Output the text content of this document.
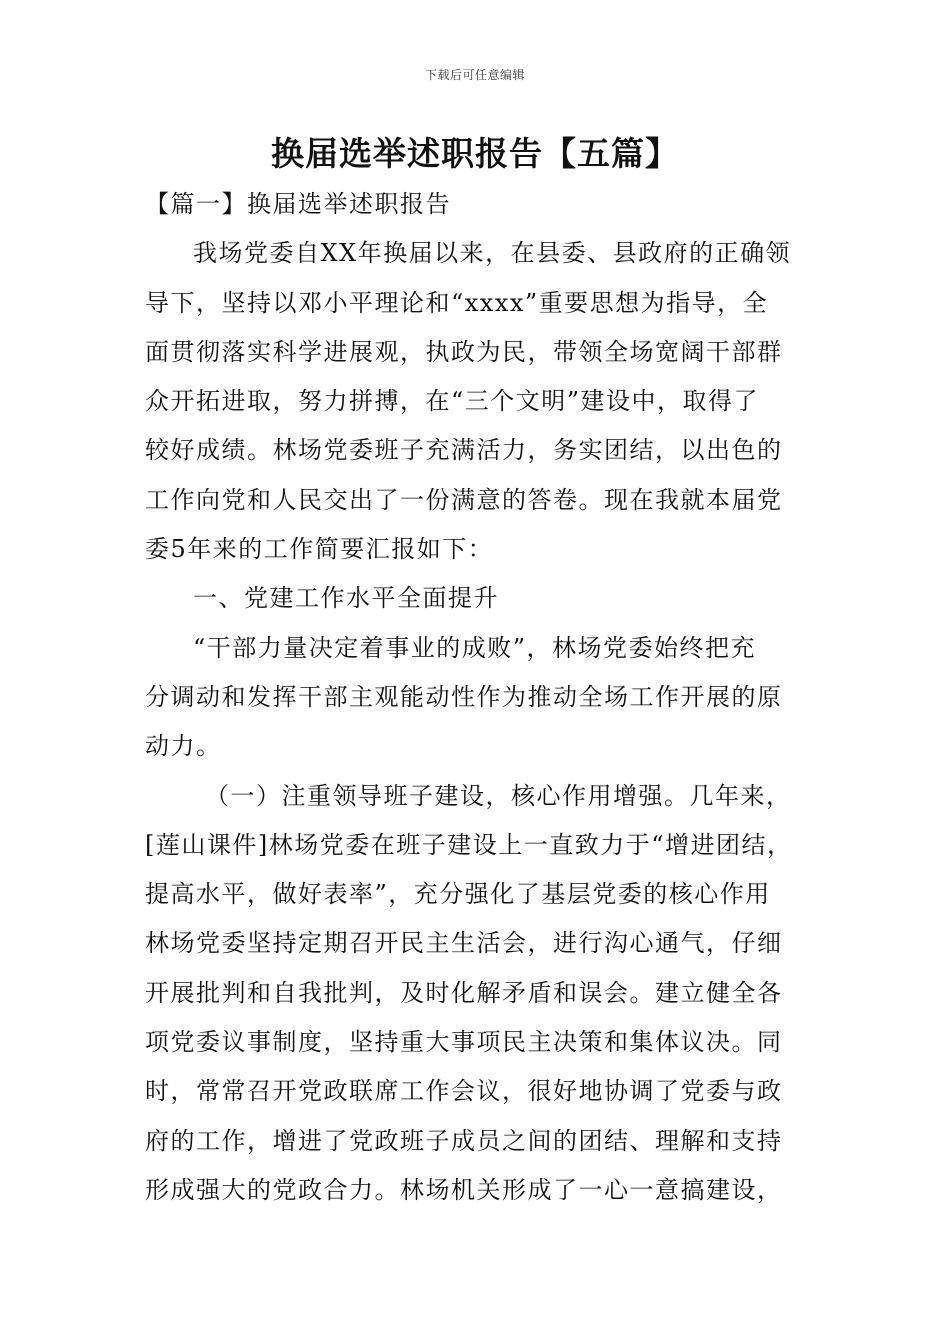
下载后可任意编辑
换届选举述职报告【五篇】
【篇一】换届选举述职报告
我场党委自XX年换届以来，在县委、县政府的正确领
导下，坚持以邓小平理论和“xxxx”重要思想为指导，全
面贯彻落实科学进展观，执政为民，带领全场宽阔干部群
众开拓进取，努力拼搏，在“三个文明”建设中，取得了
较好成绩。林场党委班子充满活力，务实团结，以出色的
工作向党和人民交出了一份满意的答卷。现在我就本届党
委5年来的工作简要汇报如下：
一、党建工作水平全面提升
“干部力量决定着事业的成败”，林场党委始终把充
分调动和发挥干部主观能动性作为推动全场工作开展的原
动力。
（一）注重领导班子建设，核心作用增强。几年来，
[莲山课件]林场党委在班子建设上一直致力于“增进团结，
提高水平，做好表率”，充分强化了基层党委的核心作用
林场党委坚持定期召开民主生活会，进行沟心通气，仔细
开展批判和自我批判，及时化解矛盾和误会。建立健全各
项党委议事制度，坚持重大事项民主决策和集体议决。同
时，常常召开党政联席工作会议，很好地协调了党委与政
府的工作，增进了党政班子成员之间的团结、理解和支持
形成强大的党政合力。林场机关形成了一心一意搞建设，
